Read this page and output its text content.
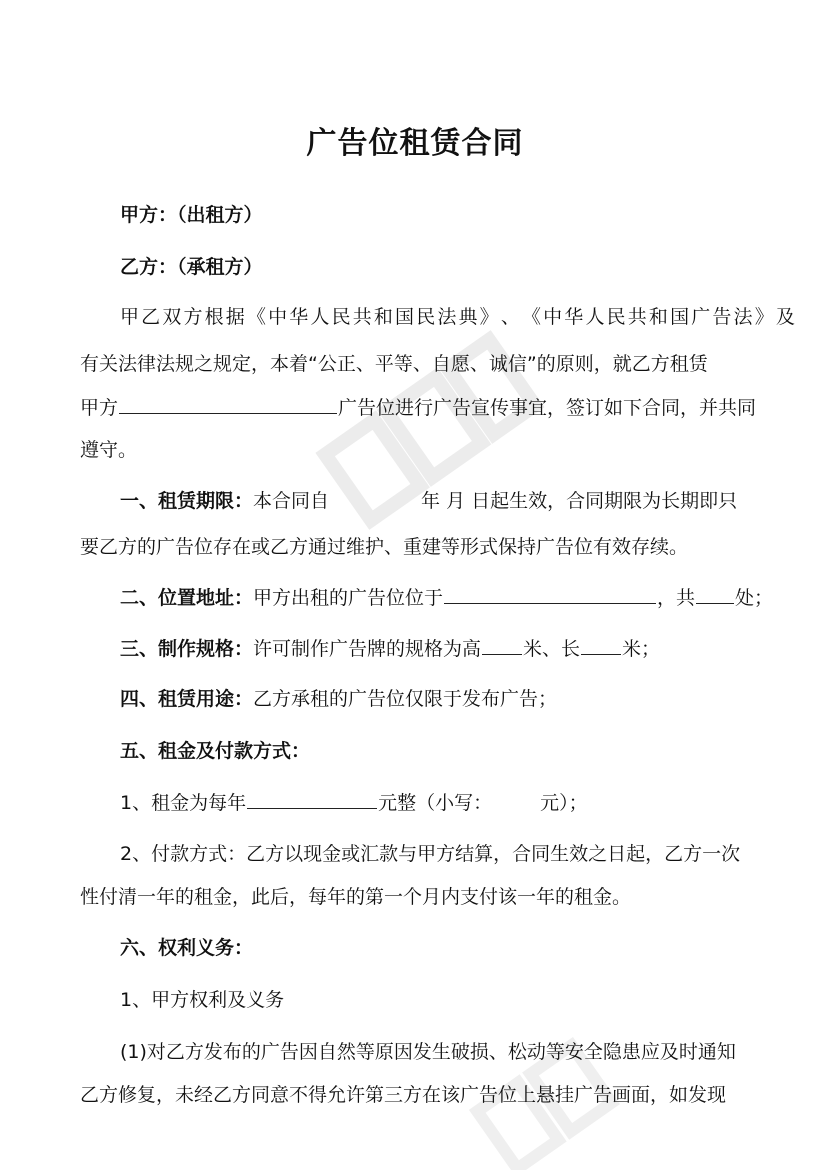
广告位租赁合同
甲方：（出租方）
乙方：（承租方）
甲 乙 双 方 根 据 《 中 华 人 民 共 和 国 民 法 典 》 、 《 中 华 人 民 共 和 国 广 告 法 》 及
有关法律法规之规定，本着“公正、平等、自愿、诚信”的原则，就乙方租赁
甲方	广告位进行广告宣传事宜，签订如下合同，并共同
遵守。
一、租赁期限：本合同自	年 月 日起生效，合同期限为长期即只
要乙方的广告位存在或乙方通过维护、重建等形式保持广告位有效存续。
二、位置地址：甲方出租的广告位位于	，共 处；
三、制作规格：许可制作广告牌的规格为高 米、长 米；
四、租赁用途：乙方承租的广告位仅限于发布广告；
五、租金及付款方式：
1、租金为每年	元整（小写：	元）；
2、付款方式：乙方以现金或汇款与甲方结算，合同生效之日起，乙方一次
性付清一年的租金，此后，每年的第一个月内支付该一年的租金。
六、权利义务：
1、甲方权利及义务
(1)对乙方发布的广告因自然等原因发生破损、松动等安全隐患应及时通知
乙方修复，未经乙方同意不得允许第三方在该广告位上悬挂广告画面，如发现
